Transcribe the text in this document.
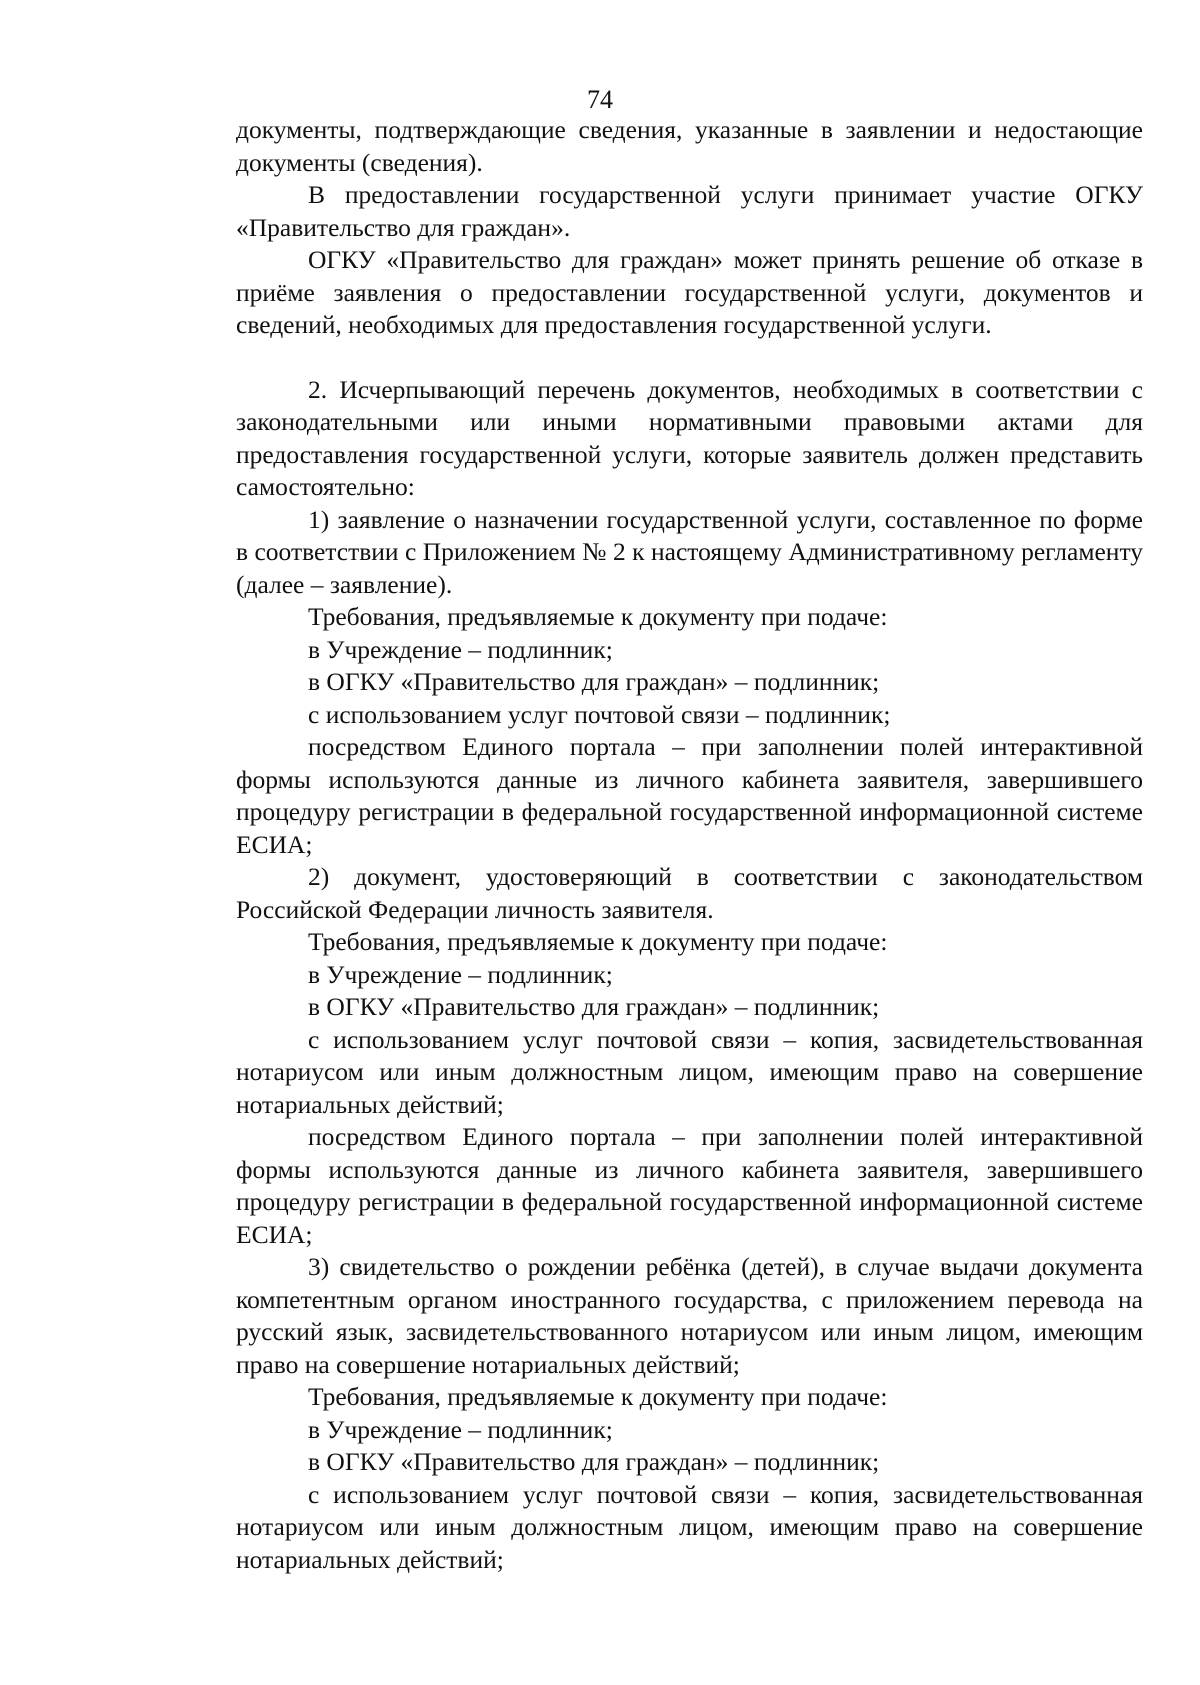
74

документы, подтверждающие сведения, указанные в заявлении и недостающие документы (сведения).

В предоставлении государственной услуги принимает участие ОГКУ «Правительство для граждан».

ОГКУ «Правительство для граждан» может принять решение об отказе в приёме заявления о предоставлении государственной услуги, документов и сведений, необходимых для предоставления государственной услуги.

2. Исчерпывающий перечень документов, необходимых в соответствии с законодательными или иными нормативными правовыми актами для предоставления государственной услуги, которые заявитель должен представить самостоятельно:

1) заявление о назначении государственной услуги, составленное по форме в соответствии с Приложением № 2 к настоящему Административному регламенту (далее – заявление).

Требования, предъявляемые к документу при подаче:

в Учреждение – подлинник;

в ОГКУ «Правительство для граждан» – подлинник;

с использованием услуг почтовой связи – подлинник;

посредством Единого портала – при заполнении полей интерактивной формы используются данные из личного кабинета заявителя, завершившего процедуру регистрации в федеральной государственной информационной системе ЕСИА;

2) документ, удостоверяющий в соответствии с законодательством Российской Федерации личность заявителя.

Требования, предъявляемые к документу при подаче:

в Учреждение – подлинник;

в ОГКУ «Правительство для граждан» – подлинник;

с использованием услуг почтовой связи – копия, засвидетельствованная нотариусом или иным должностным лицом, имеющим право на совершение нотариальных действий;

посредством Единого портала – при заполнении полей интерактивной формы используются данные из личного кабинета заявителя, завершившего процедуру регистрации в федеральной государственной информационной системе ЕСИА;

3) свидетельство о рождении ребёнка (детей), в случае выдачи документа компетентным органом иностранного государства, с приложением перевода на русский язык, засвидетельствованного нотариусом или иным лицом, имеющим право на совершение нотариальных действий;

Требования, предъявляемые к документу при подаче:

в Учреждение – подлинник;

в ОГКУ «Правительство для граждан» – подлинник;

с использованием услуг почтовой связи – копия, засвидетельствованная нотариусом или иным должностным лицом, имеющим право на совершение нотариальных действий;
